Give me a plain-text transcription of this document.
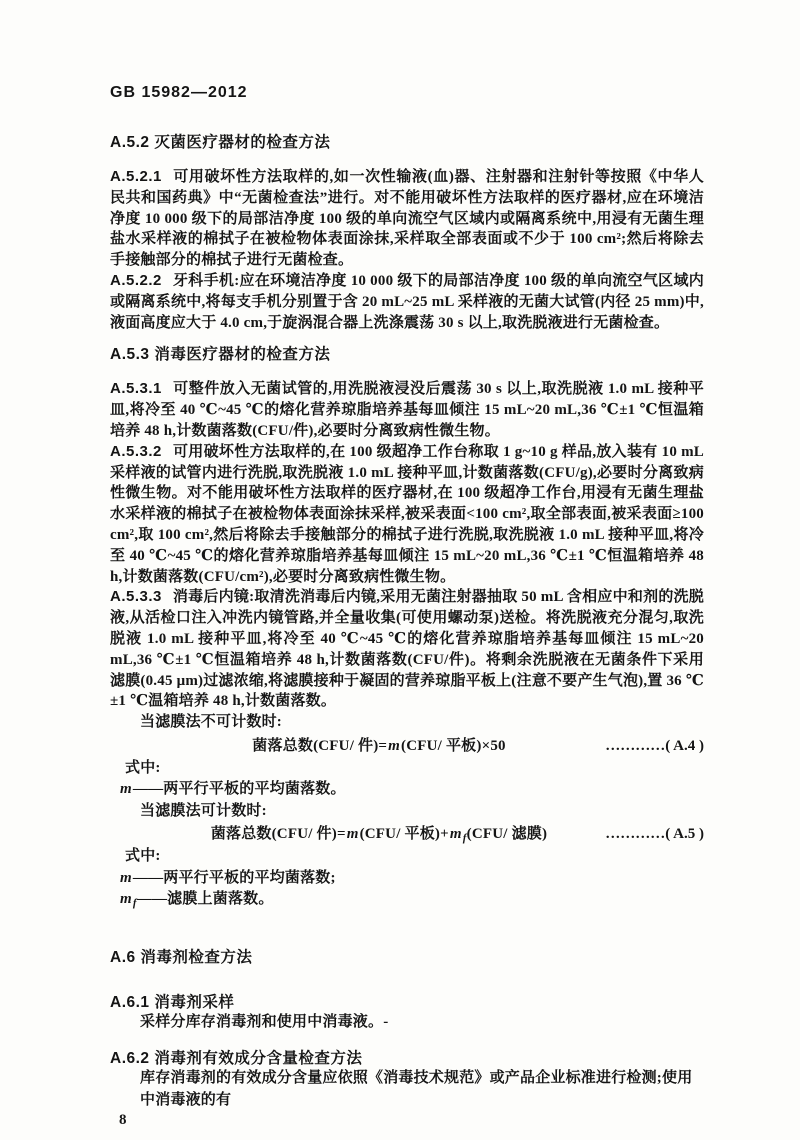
GB 15982—2012
A.5.2 灭菌医疗器材的检查方法

A.5.2.1 可用破坏性方法取样的,如一次性输液(血)器、注射器和注射针等按照《中华人民共和国药典》中“无菌检查法”进行。对不能用破坏性方法取样的医疗器材,应在环境洁净度 10 000 级下的局部洁净度 100 级的单向流空气区域内或隔离系统中,用浸有无菌生理盐水采样液的棉拭子在被检物体表面涂抹,采样取全部表面或不少于 100 cm²;然后将除去手接触部分的棉拭子进行无菌检查。

A.5.2.2 牙科手机:应在环境洁净度 10 000 级下的局部洁净度 100 级的单向流空气区域内或隔离系统中,将每支手机分别置于含 20 mL~25 mL 采样液的无菌大试管(内径 25 mm)中,液面高度应大于 4.0 cm,于旋涡混合器上洗涤震荡 30 s 以上,取洗脱液进行无菌检查。

A.5.3 消毒医疗器材的检查方法

A.5.3.1 可整件放入无菌试管的,用洗脱液浸没后震荡 30 s 以上,取洗脱液 1.0 mL 接种平皿,将冷至 40 ℃~45 ℃的熔化营养琼脂培养基每皿倾注 15 mL~20 mL,36 ℃±1 ℃恒温箱培养 48 h,计数菌落数(CFU/件),必要时分离致病性微生物。

A.5.3.2 可用破坏性方法取样的,在 100 级超净工作台称取 1 g~10 g 样品,放入装有 10 mL 采样液的试管内进行洗脱,取洗脱液 1.0 mL 接种平皿,计数菌落数(CFU/g),必要时分离致病性微生物。对不能用破坏性方法取样的医疗器材,在 100 级超净工作台,用浸有无菌生理盐水采样液的棉拭子在被检物体表面涂抹采样,被采表面<100 cm²,取全部表面,被采表面≥100 cm²,取 100 cm²,然后将除去手接触部分的棉拭子进行洗脱,取洗脱液 1.0 mL 接种平皿,将冷至 40 ℃~45 ℃的熔化营养琼脂培养基每皿倾注 15 mL~20 mL,36 ℃±1 ℃恒温箱培养 48 h,计数菌落数(CFU/cm²),必要时分离致病性微生物。

A.5.3.3 消毒后内镜:取清洗消毒后内镜,采用无菌注射器抽取 50 mL 含相应中和剂的洗脱液,从活检口注入冲洗内镜管路,并全量收集(可使用螺动泵)送检。将洗脱液充分混匀,取洗脱液 1.0 mL 接种平皿,将冷至 40 ℃~45 ℃的熔化营养琼脂培养基每皿倾注 15 mL~20 mL,36 ℃±1 ℃恒温箱培养 48 h,计数菌落数(CFU/件)。将剩余洗脱液在无菌条件下采用滤膜(0.45 μm)过滤浓缩,将滤膜接种于凝固的营养琼脂平板上(注意不要产生气泡),置 36 ℃±1 ℃温箱培养 48 h,计数菌落数。

当滤膜法不可计数时:

菌落总数(CFU/ 件)=m(CFU/ 平板)×50	…………( A.4 )

式中:

m——两平行平板的平均菌落数。

当滤膜法可计数时:

菌落总数(CFU/ 件)=m(CFU/ 平板)$+m_f(CFU/$ 滤膜)	…………( A.5 )

式中:

m——两平行平板的平均菌落数;

$m_f——$滤膜上菌落数。

A.6 消毒剂检查方法
A.6.1 消毒剂采样

采样分库存消毒剂和使用中消毒液。-

A.6.2 消毒剂有效成分含量检查方法

库存消毒剂的有效成分含量应依照《消毒技术规范》或产品企业标准进行检测;使用中消毒液的有

8
